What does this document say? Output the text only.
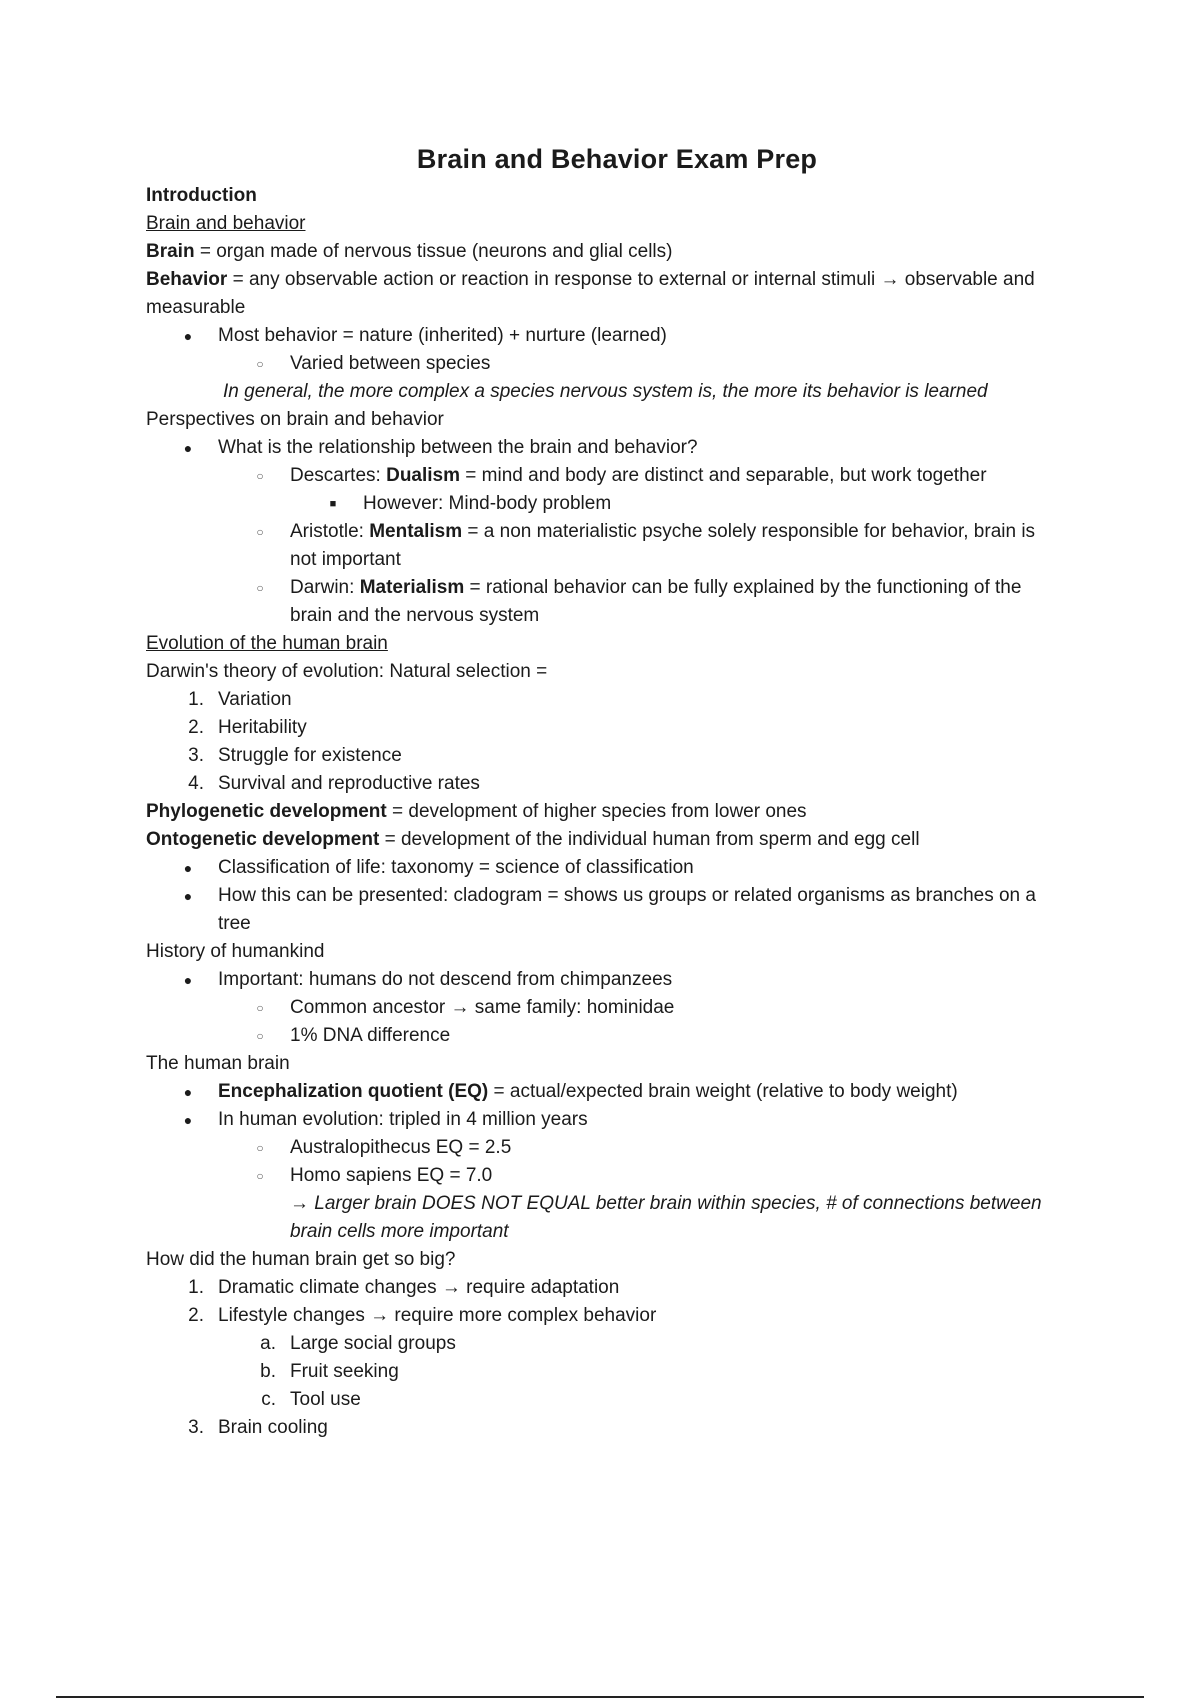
Brain and Behavior Exam Prep
Introduction
Brain and behavior
Brain = organ made of nervous tissue (neurons and glial cells)
Behavior = any observable action or reaction in response to external or internal stimuli → observable and
measurable
●	Most behavior = nature (inherited) + nurture (learned)
○	Varied between species
In general, the more complex a species nervous system is, the more its behavior is learned
Perspectives on brain and behavior
●	What is the relationship between the brain and behavior?
○	Descartes: Dualism = mind and body are distinct and separable, but work together
■	However: Mind-body problem
○	Aristotle: Mentalism = a non materialistic psyche solely responsible for behavior, brain is
not important
○	Darwin: Materialism = rational behavior can be fully explained by the functioning of the
brain and the nervous system
Evolution of the human brain
Darwin's theory of evolution: Natural selection =
1. Variation
2. Heritability
3. Struggle for existence
4. Survival and reproductive rates
Phylogenetic development = development of higher species from lower ones
Ontogenetic development = development of the individual human from sperm and egg cell
●	Classification of life: taxonomy = science of classification
●	How this can be presented: cladogram = shows us groups or related organisms as branches on a
tree
History of humankind
●	Important: humans do not descend from chimpanzees
○	Common ancestor → same family: hominidae
○	1% DNA difference
The human brain
●	Encephalization quotient (EQ) = actual/expected brain weight (relative to body weight)
●	In human evolution: tripled in 4 million years
○	Australopithecus EQ = 2.5
○	Homo sapiens EQ = 7.0
→ Larger brain DOES NOT EQUAL better brain within species, # of connections between
brain cells more important
How did the human brain get so big?
1. Dramatic climate changes → require adaptation
2. Lifestyle changes → require more complex behavior
a. Large social groups
b. Fruit seeking
c. Tool use
3. Brain cooling
